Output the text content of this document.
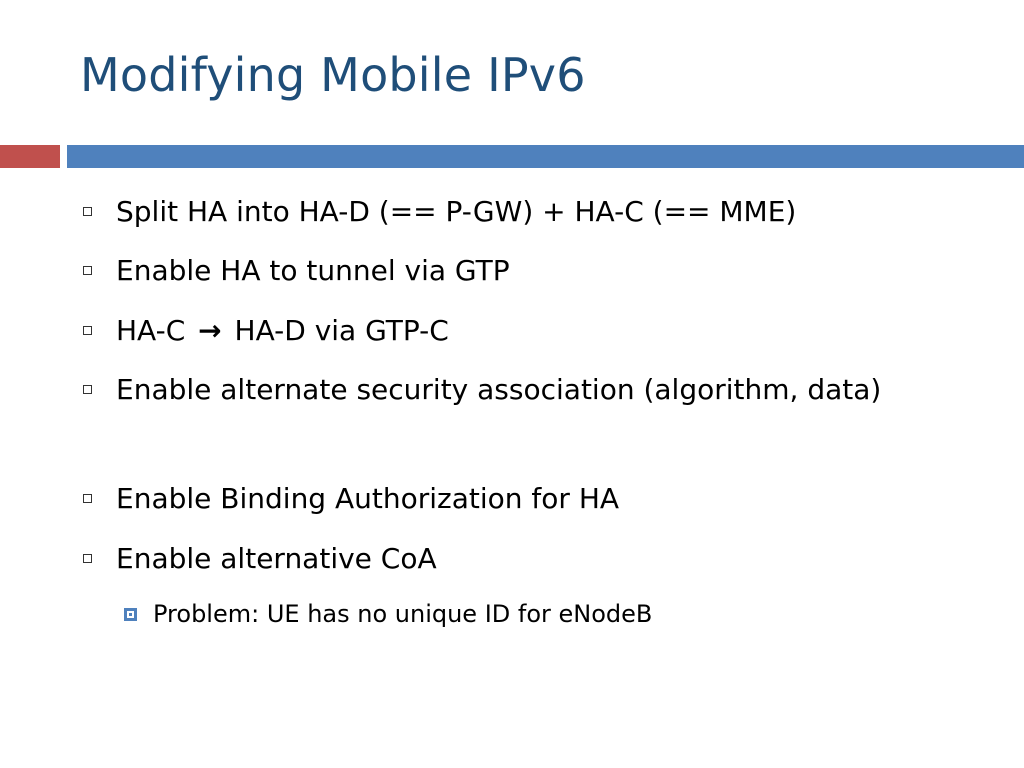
Modifying Mobile IPv6
Split HA into HA-D (== P-GW) + HA-C (== MME)
Enable HA to tunnel via GTP
HA-C → HA-D via GTP-C
Enable alternate security association (algorithm, data)
Enable Binding Authorization for HA
Enable alternative CoA
Problem: UE has no unique ID for eNodeB
